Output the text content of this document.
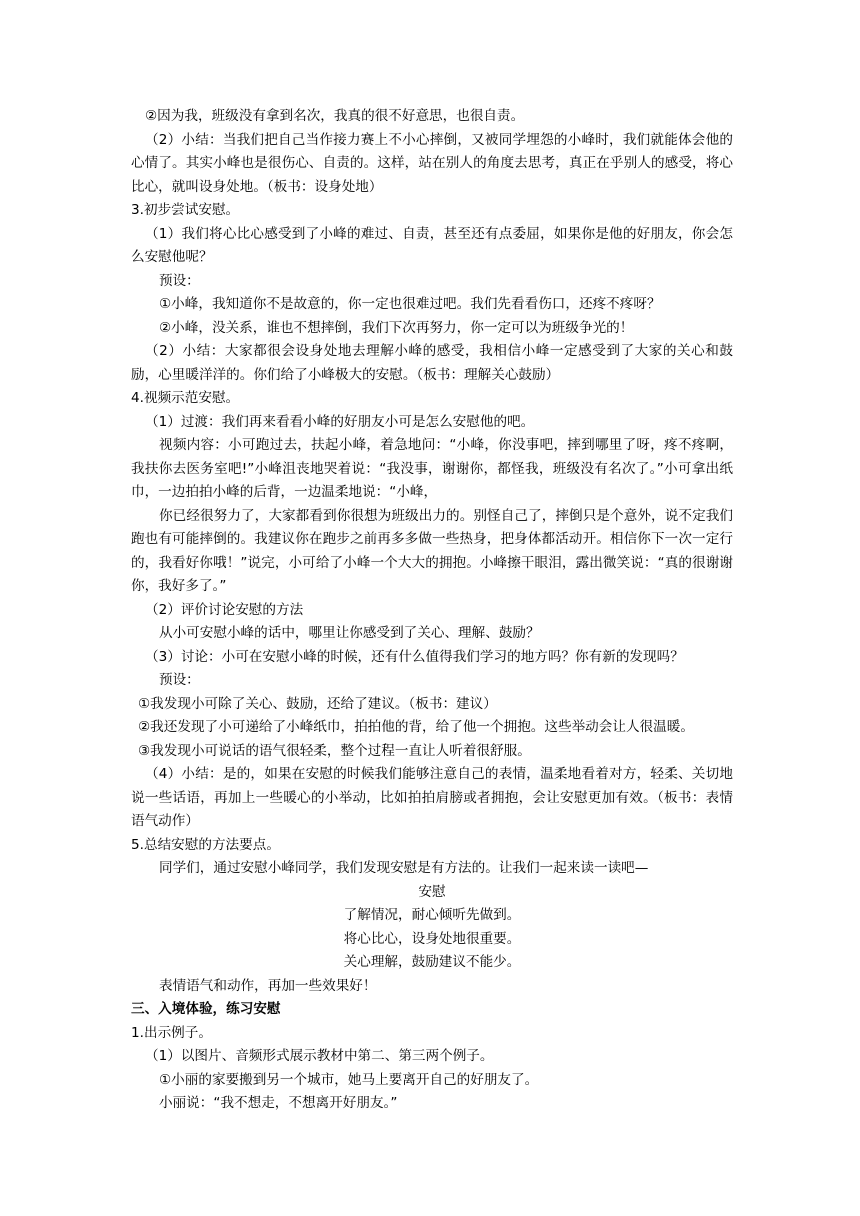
②因为我，班级没有拿到名次，我真的很不好意思，也很自责。
（2）小结：当我们把自己当作接力赛上不小心摔倒，又被同学埋怨的小峰时，我们就能体会他的心情了。其实小峰也是很伤心、自责的。这样，站在别人的角度去思考，真正在乎别人的感受，将心比心，就叫设身处地。（板书：设身处地）
3.初步尝试安慰。
（1）我们将心比心感受到了小峰的难过、自责，甚至还有点委屈，如果你是他的好朋友，你会怎么安慰他呢？
预设：
①小峰，我知道你不是故意的，你一定也很难过吧。我们先看看伤口，还疼不疼呀？
②小峰，没关系，谁也不想摔倒，我们下次再努力，你一定可以为班级争光的！
（2）小结：大家都很会设身处地去理解小峰的感受，我相信小峰一定感受到了大家的关心和鼓励，心里暖洋洋的。你们给了小峰极大的安慰。（板书：理解关心鼓励）
4.视频示范安慰。
（1）过渡：我们再来看看小峰的好朋友小可是怎么安慰他的吧。
视频内容：小可跑过去，扶起小峰，着急地问：“小峰，你没事吧，摔到哪里了呀，疼不疼啊，我扶你去医务室吧!”小峰沮丧地哭着说：“我没事，谢谢你，都怪我，班级没有名次了。”小可拿出纸巾，一边拍拍小峰的后背，一边温柔地说：“小峰，
你已经很努力了，大家都看到你很想为班级出力的。别怪自己了，摔倒只是个意外，说不定我们跑也有可能摔倒的。我建议你在跑步之前再多多做一些热身，把身体都活动开。相信你下一次一定行的，我看好你哦！”说完，小可给了小峰一个大大的拥抱。小峰擦干眼泪，露出微笑说：“真的很谢谢你，我好多了。”
（2）评价讨论安慰的方法
从小可安慰小峰的话中，哪里让你感受到了关心、理解、鼓励？
（3）讨论：小可在安慰小峰的时候，还有什么值得我们学习的地方吗？你有新的发现吗？
预设：
①我发现小可除了关心、鼓励，还给了建议。（板书：建议）
②我还发现了小可递给了小峰纸巾，拍拍他的背，给了他一个拥抱。这些举动会让人很温暖。
③我发现小可说话的语气很轻柔，整个过程一直让人听着很舒服。
（4）小结：是的，如果在安慰的时候我们能够注意自己的表情，温柔地看着对方，轻柔、关切地说一些话语，再加上一些暖心的小举动，比如拍拍肩膀或者拥抱，会让安慰更加有效。（板书：表情语气动作）
5.总结安慰的方法要点。
同学们，通过安慰小峰同学，我们发现安慰是有方法的。让我们一起来读一读吧—
安慰
了解情况，耐心倾听先做到。
将心比心，设身处地很重要。
关心理解，鼓励建议不能少。
表情语气和动作，再加一些效果好！
三、入境体验，练习安慰
1.出示例子。
（1）以图片、音频形式展示教材中第二、第三两个例子。
①小丽的家要搬到另一个城市，她马上要离开自己的好朋友了。
小丽说：“我不想走，不想离开好朋友。”
